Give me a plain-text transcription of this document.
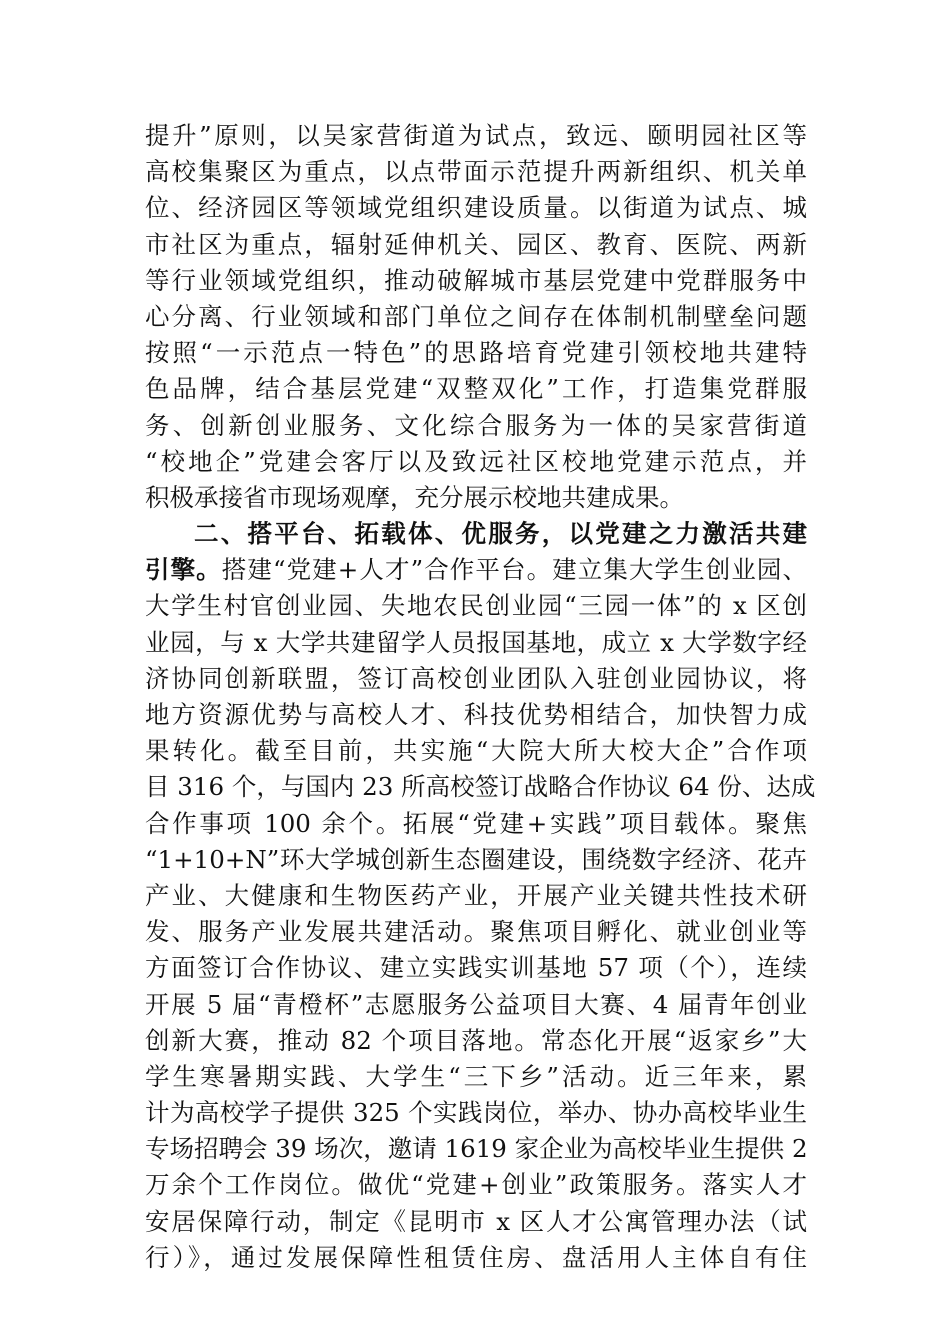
提升”原则，以吴家营街道为试点，致远、颐明园社区等
高校集聚区为重点，以点带面示范提升两新组织、机关单
位、经济园区等领域党组织建设质量。以街道为试点、城
市社区为重点，辐射延伸机关、园区、教育、医院、两新
等行业领域党组织，推动破解城市基层党建中党群服务中
心分离、行业领域和部门单位之间存在体制机制壁垒问题
按照“一示范点一特色”的思路培育党建引领校地共建特
色品牌，结合基层党建“双整双化”工作，打造集党群服
务、创新创业服务、文化综合服务为一体的吴家营街道
“校地企”党建会客厅以及致远社区校地党建示范点，并
积极承接省市现场观摩，充分展示校地共建成果。
二、搭平台、拓载体、优服务，以党建之力激活共建
引擎。搭建“党建+人才”合作平台。建立集大学生创业园、
大学生村官创业园、失地农民创业园“三园一体”的 x 区创
业园，与 x 大学共建留学人员报国基地，成立 x 大学数字经
济协同创新联盟，签订高校创业团队入驻创业园协议，将
地方资源优势与高校人才、科技优势相结合，加快智力成
果转化。截至目前，共实施“大院大所大校大企”合作项
目 316 个，与国内 23 所高校签订战略合作协议 64 份、达成
合作事项 100 余个。拓展“党建+实践”项目载体。聚焦
“1+10+N”环大学城创新生态圈建设，围绕数字经济、花卉
产业、大健康和生物医药产业，开展产业关键共性技术研
发、服务产业发展共建活动。聚焦项目孵化、就业创业等
方面签订合作协议、建立实践实训基地 57 项（个），连续
开展 5 届“青橙杯”志愿服务公益项目大赛、4 届青年创业
创新大赛，推动 82 个项目落地。常态化开展“返家乡”大
学生寒暑期实践、大学生“三下乡”活动。近三年来，累
计为高校学子提供 325 个实践岗位，举办、协办高校毕业生
专场招聘会 39 场次，邀请 1619 家企业为高校毕业生提供 2
万余个工作岗位。做优“党建+创业”政策服务。落实人才
安居保障行动，制定《昆明市 x 区人才公寓管理办法（试
行）》，通过发展保障性租赁住房、盘活用人主体自有住
